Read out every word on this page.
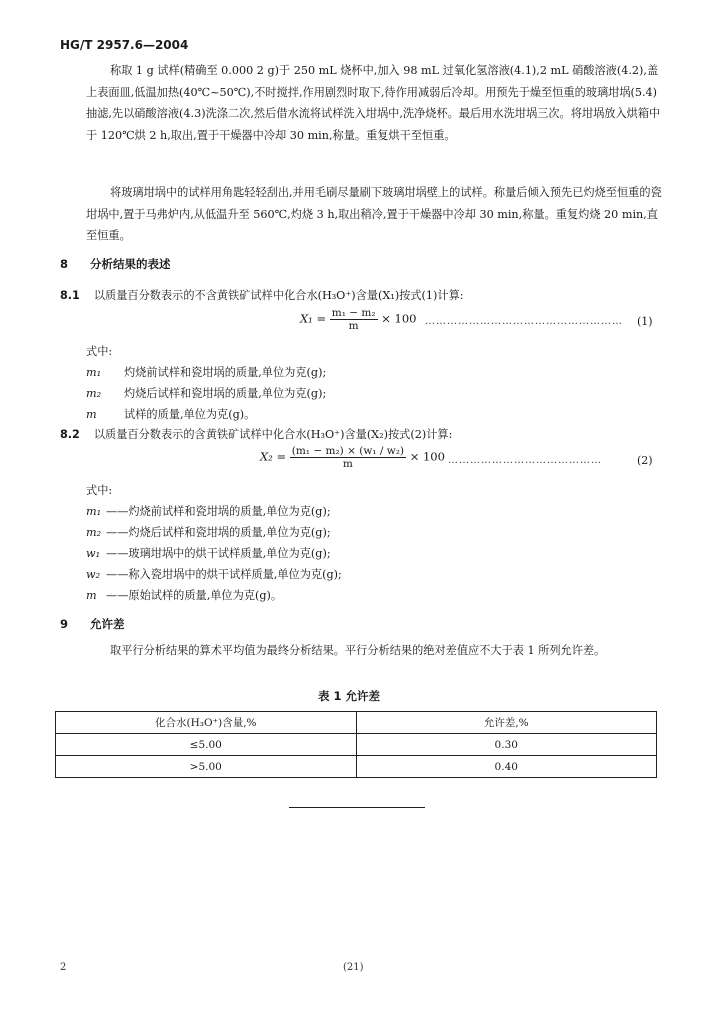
HG/T 2957.6—2004
称取 1 g 试样(精确至 0.000 2 g)于 250 mL 烧杯中,加入 98 mL 过氧化氢溶液(4.1),2 mL 硝酸溶液(4.2),盖上表面皿,低温加热(40℃~50℃),不时搅拌,作用剧烈时取下,待作用减弱后冷却。用预先于燥至恒重的玻璃坩埚(5.4)抽滤,先以硝酸溶液(4.3)洗涤二次,然后借水流将试样洗入坩埚中,洗净烧杯。最后用水洗坩埚三次。将坩埚放入烘箱中于 120℃烘 2 h,取出,置于干燥器中冷却 30 min,称量。重复烘干至恒重。
将玻璃坩埚中的试样用角匙轻轻刮出,并用毛刷尽量刷下玻璃坩埚壁上的试样。称量后倾入预先已灼烧至恒重的瓷坩埚中,置于马弗炉内,从低温升至 560℃,灼烧 3 h,取出稍冷,置于干燥器中冷却 30 min,称量。重复灼烧 20 min,直至恒重。
8 分析结果的表述
8.1 以质量百分数表示的不含黄铁矿试样中化合水(H₃O⁺)含量(X₁)按式(1)计算:
$X_1 = \frac{\text{m₁ − m₂}}{m} \times 100$ ……………………………………………… (1)
式中:
m₁ 灼烧前试样和瓷坩埚的质量,单位为克(g);
m₂ 灼烧后试样和瓷坩埚的质量,单位为克(g);
m 试样的质量,单位为克(g)。
8.2 以质量百分数表示的含黄铁矿试样中化合水(H₃O⁺)含量(X₂)按式(2)计算:
$X_2 = \frac{\text{(m₁ − m₂) × (w₁ / w₂)}}{m} \times 100$ ……………………………………	(2)
式中:
m₁ ——灼烧前试样和瓷坩埚的质量,单位为克(g);
m₂ ——灼烧后试样和瓷坩埚的质量,单位为克(g);
w₁ ——玻璃坩埚中的烘干试样质量,单位为克(g);
w₂ ——称入瓷坩埚中的烘干试样质量,单位为克(g);
m ——原始试样的质量,单位为克(g)。
9 允许差
取平行分析结果的算术平均值为最终分析结果。平行分析结果的绝对差值应不大于表 1 所列允许差。
表 1 允许差
化合水(H₃O⁺)含量,%	允许差,%
≤5.00	0.30
>5.00	0.40
2	(21)
